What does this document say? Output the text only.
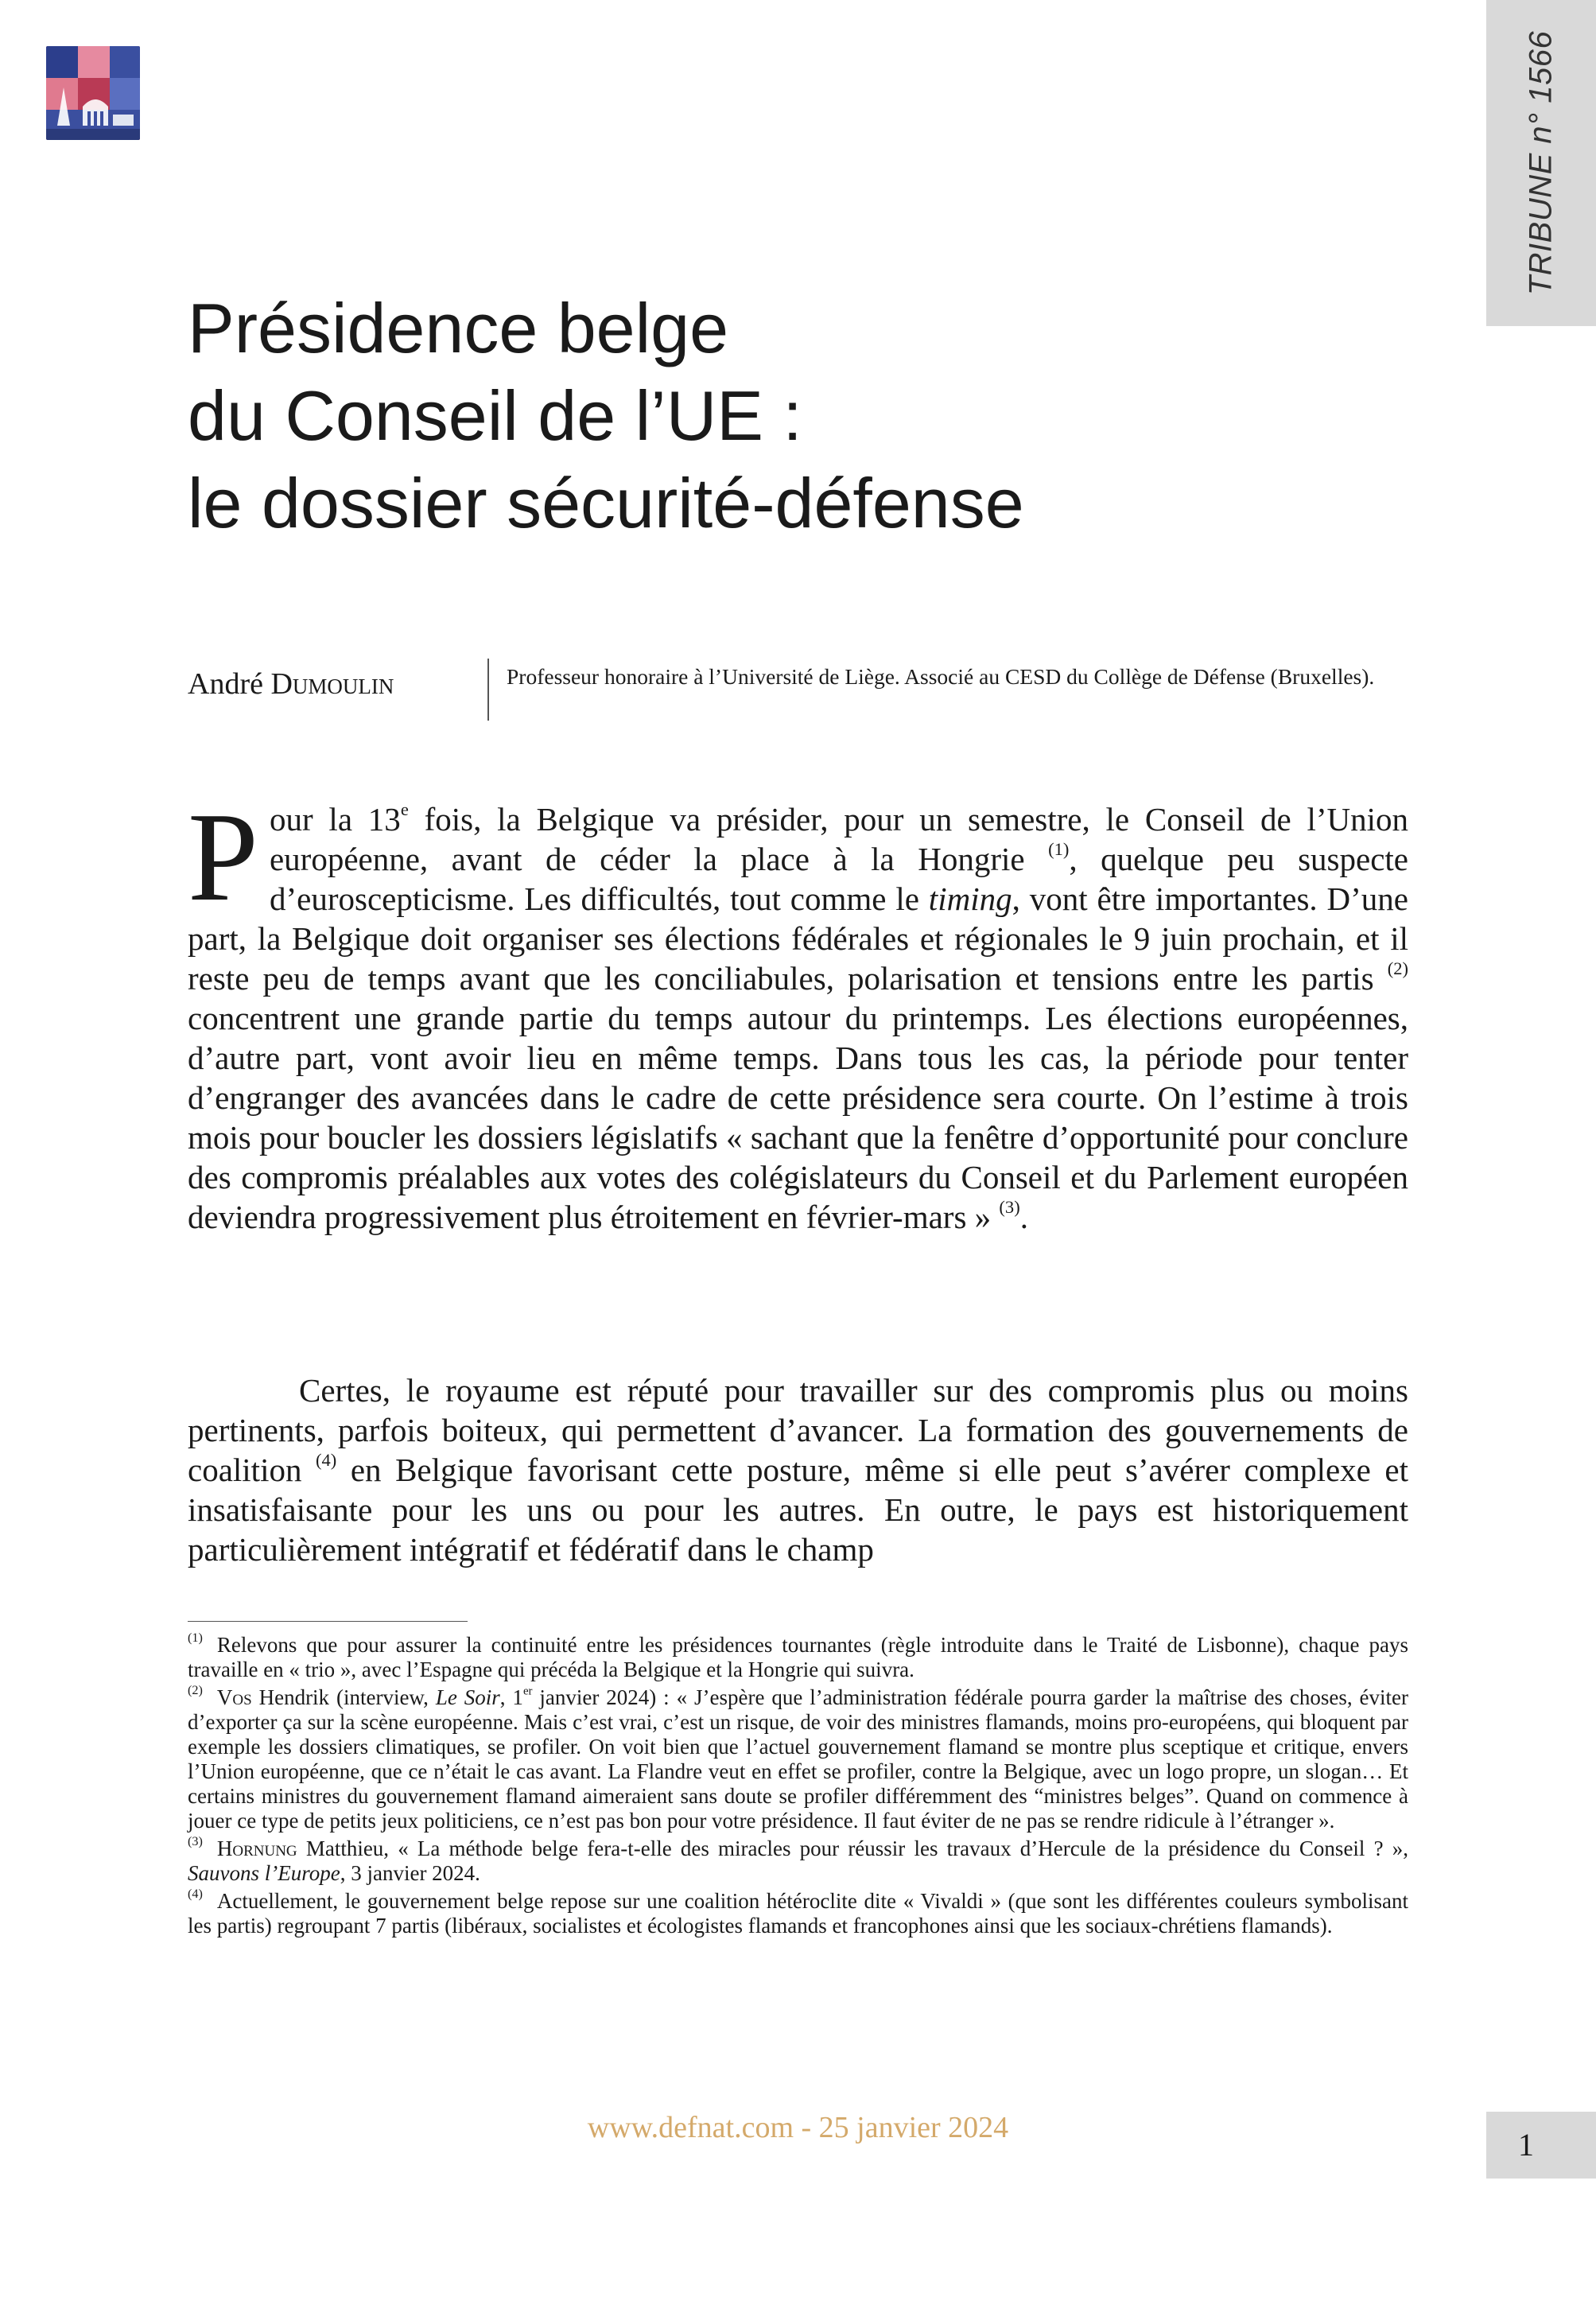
TRIBUNE n° 1566
Présidence belge
du Conseil de l’UE :
le dossier sécurité-défense
André Dumoulin	Professeur honoraire à l’Université de Liège. Associé au CESD du Collège de Défense (Bruxelles).

Pour la 13e fois, la Belgique va présider, pour un semestre, le Conseil de l’Union européenne, avant de céder la place à la Hongrie $^{(1)}$, quelque peu suspecte d’euroscepticisme. Les difficultés, tout comme le timing, vont être importantes. D’une part, la Belgique doit organiser ses élections fédérales et régionales le 9 juin prochain, et il reste peu de temps avant que les conciliabules, polarisation et tensions entre les partis $^{(2)}$ concentrent une grande partie du temps autour du printemps. Les élections européennes, d’autre part, vont avoir lieu en même temps. Dans tous les cas, la période pour tenter d’engranger des avancées dans le cadre de cette présidence sera courte. On l’estime à trois mois pour boucler les dossiers législatifs « sachant que la fenêtre d’opportunité pour conclure des compromis préalables aux votes des colégislateurs du Conseil et du Parlement européen deviendra progressivement plus étroitement en février-mars » $^{(3)}$.

Certes, le royaume est réputé pour travailler sur des compromis plus ou moins pertinents, parfois boiteux, qui permettent d’avancer. La formation des gouvernements de coalition $^{(4)}$ en Belgique favorisant cette posture, même si elle peut s’avérer complexe et insatisfaisante pour les uns ou pour les autres. En outre, le pays est historiquement particulièrement intégratif et fédératif dans le champ

$^{(1)}$ Relevons que pour assurer la continuité entre les présidences tournantes (règle introduite dans le Traité de Lisbonne), chaque pays travaille en « trio », avec l’Espagne qui précéda la Belgique et la Hongrie qui suivra.

$^{(2)}$ Vos Hendrik (interview, Le Soir, 1er janvier 2024) : « J’espère que l’administration fédérale pourra garder la maîtrise des choses, éviter d’exporter ça sur la scène européenne. Mais c’est vrai, c’est un risque, de voir des ministres flamands, moins pro-européens, qui bloquent par exemple les dossiers climatiques, se profiler. On voit bien que l’actuel gouvernement flamand se montre plus sceptique et critique, envers l’Union européenne, que ce n’était le cas avant. La Flandre veut en effet se profiler, contre la Belgique, avec un logo propre, un slogan… Et certains ministres du gouvernement flamand aimeraient sans doute se profiler différemment des “ministres belges”. Quand on commence à jouer ce type de petits jeux politiciens, ce n’est pas bon pour votre présidence. Il faut éviter de ne pas se rendre ridicule à l’étranger ».

$^{(3)}$ Hornung Matthieu, « La méthode belge fera-t-elle des miracles pour réussir les travaux d’Hercule de la présidence du Conseil ? », Sauvons l’Europe, 3 janvier 2024.

$^{(4)}$ Actuellement, le gouvernement belge repose sur une coalition hétéroclite dite « Vivaldi » (que sont les différentes couleurs symbolisant les partis) regroupant 7 partis (libéraux, socialistes et écologistes flamands et francophones ainsi que les sociaux-chrétiens flamands).

www.defnat.com - 25 janvier 2024	1
